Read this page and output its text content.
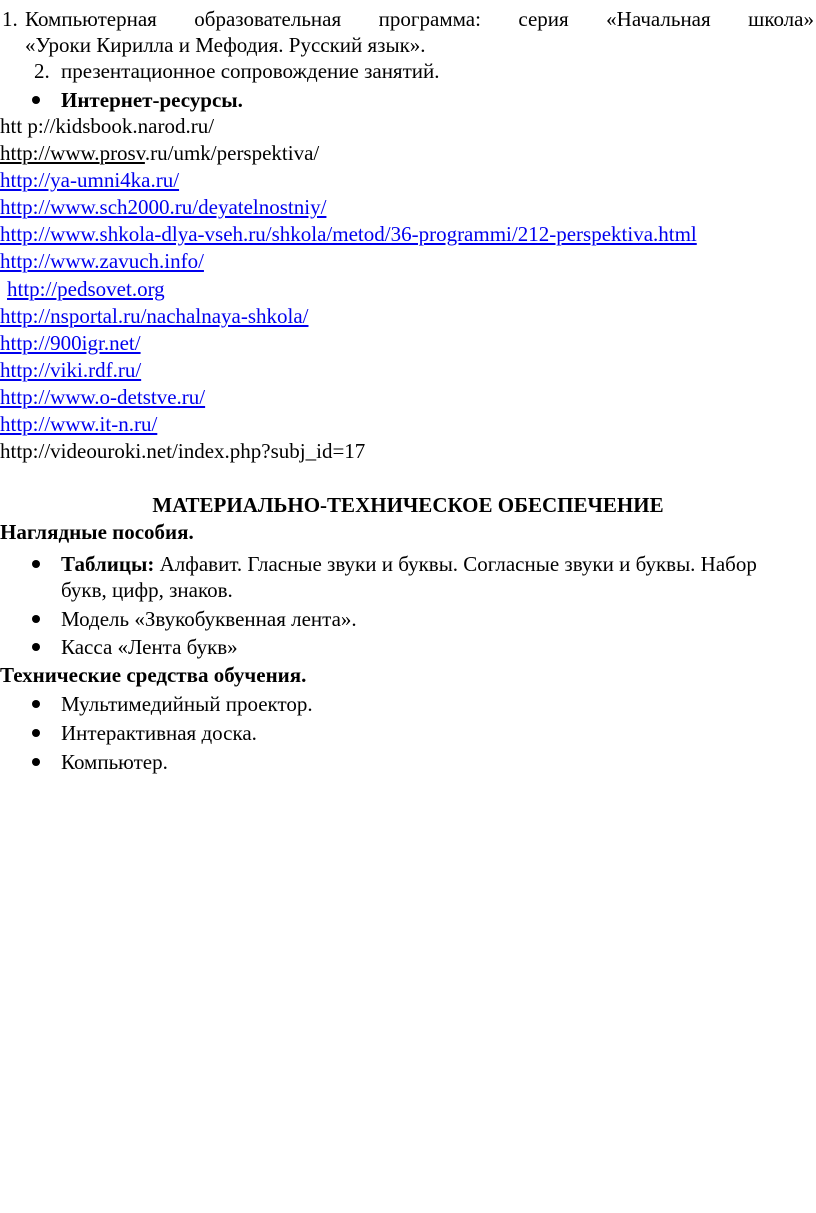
1. Компьютерная образовательная программа: серия «Начальная школа»
«Уроки Кирилла и Мефодия. Русский язык».
2. презентационное сопровождение занятий.
Интернет-ресурсы.
htt p://kidsbook.narod.ru/
http://www.prosv.ru/umk/perspektiva/
http://ya-umni4ka.ru/
http://www.sch2000.ru/deyatelnostniy/
http://www.shkola-dlya-vseh.ru/shkola/metod/36-programmi/212-perspektiva.html
http://www.zavuch.info/
http://pedsovet.org
http://nsportal.ru/nachalnaya-shkola/
http://900igr.net/
http://viki.rdf.ru/
http://www.o-detstve.ru/
http://www.it-n.ru/
http://videouroki.net/index.php?subj_id=17
МАТЕРИАЛЬНО-ТЕХНИЧЕСКОЕ ОБЕСПЕЧЕНИЕ
Наглядные пособия.
Таблицы: Алфавит. Гласные звуки и буквы. Согласные звуки и буквы. Набор букв, цифр, знаков.
Модель «Звукобуквенная лента».
Касса «Лента букв»
Технические средства обучения.
Мультимедийный проектор.
Интерактивная доска.
Компьютер.
